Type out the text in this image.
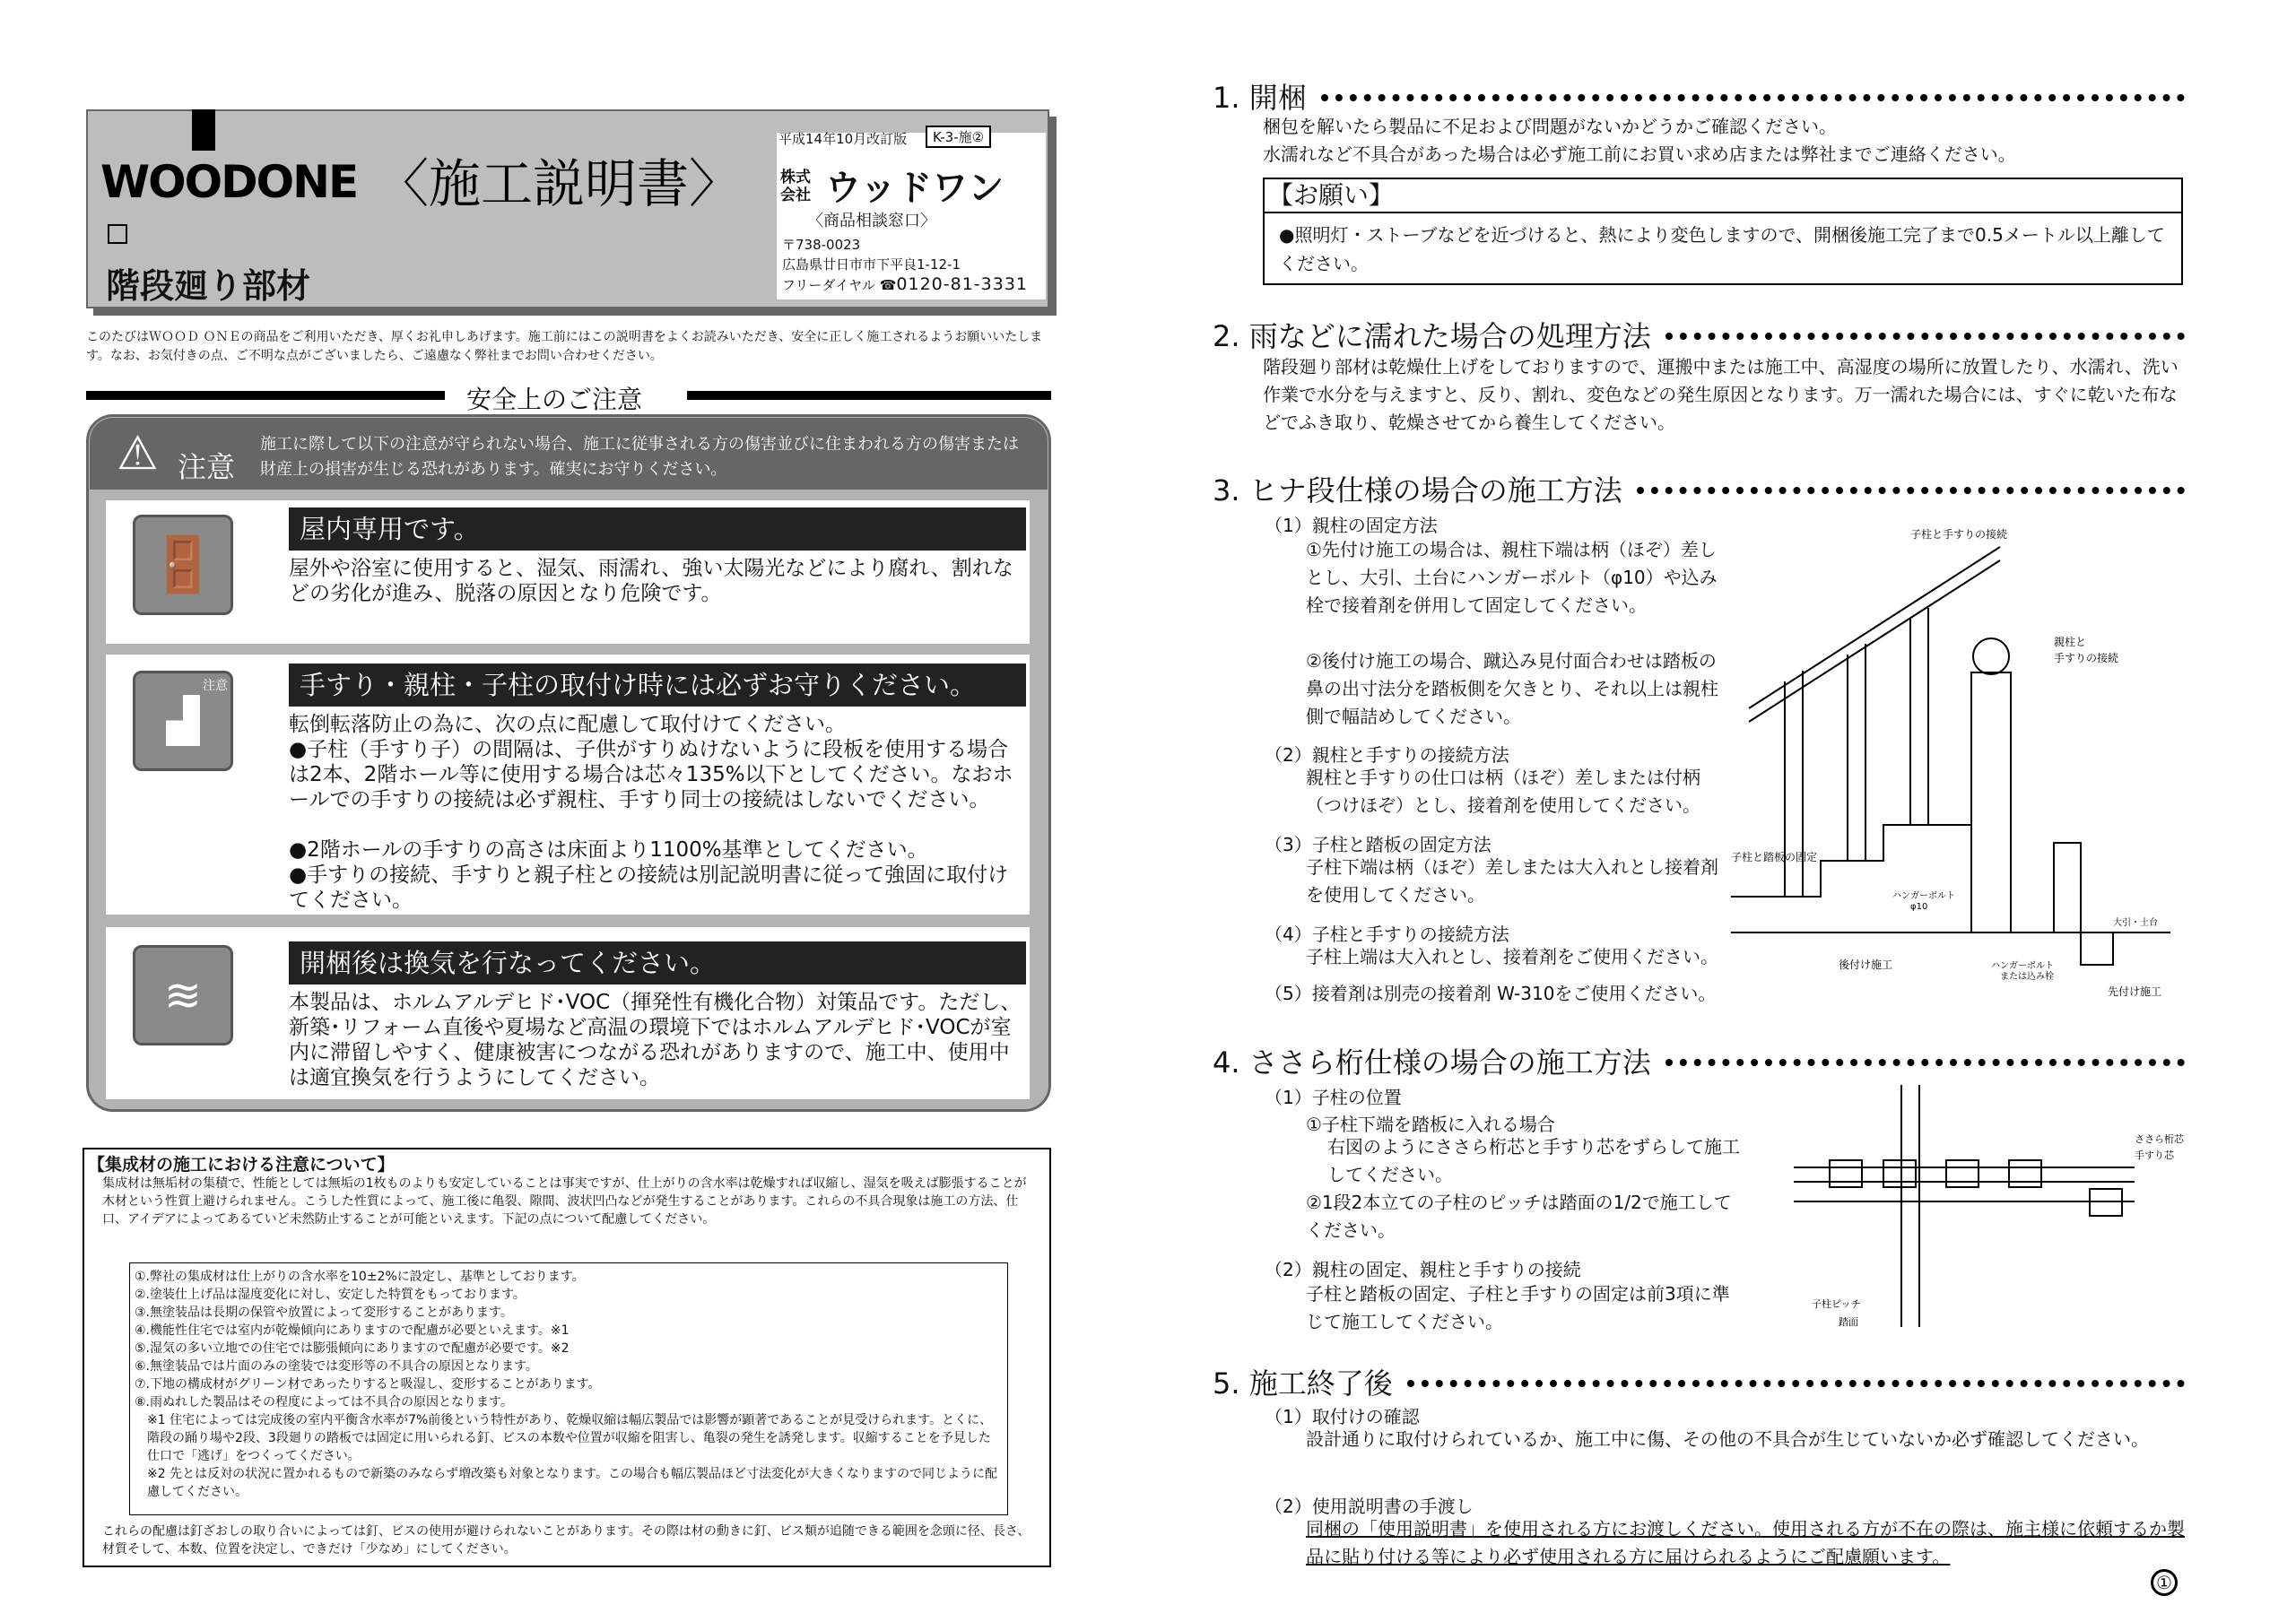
WOODONE 〈施工説明書〉
階段廻り部材
平成14年10月改訂版	K-3-施②
株式
会社 ウッドワン
〈商品相談窓口〉
〒738-0023
広島県廿日市市下平良1-12-1
フリーダイヤル ☎0120-81-3331
このたびはＷＯＯＤ ＯＮＥの商品をご利用いただき、厚くお礼申しあげます。施工前にはこの説明書をよくお読みいただき、安全に正しく施工されるようお願いいたします。なお、お気付きの点、ご不明な点がございましたら、ご遠慮なく弊社までお問い合わせください。
安全上のご注意
⚠ 注意
施工に際して以下の注意が守られない場合、施工に従事される方の傷害並びに住まわれる方の傷害または財産上の損害が生じる恐れがあります。確実にお守りください。
🚪
屋内専用です。
屋外や浴室に使用すると、湿気、雨濡れ、強い太陽光などにより腐れ、割れなどの劣化が進み、脱落の原因となり危険です。
▟
注意	手すり・親柱・子柱の取付け時には必ずお守りください。
転倒転落防止の為に、次の点に配慮して取付けてください。
●子柱（手すり子）の間隔は、子供がすりぬけないように段板を使用する場合は2本、2階ホール等に使用する場合は芯々135%以下としてください。なおホールでの手すりの接続は必ず親柱、手すり同士の接続はしないでください。
●2階ホールの手すりの高さは床面より1100%基準としてください。
●手すりの接続、手すりと親子柱との接続は別記説明書に従って強固に取付けてください。
≋
開梱後は換気を行なってください。
本製品は、ホルムアルデヒド･VOC（揮発性有機化合物）対策品です。ただし、新築･リフォーム直後や夏場など高温の環境下ではホルムアルデヒド･VOCが室内に滞留しやすく、健康被害につながる恐れがありますので、施工中、使用中は適宜換気を行うようにしてください。
【集成材の施工における注意について】
集成材は無垢材の集積で、性能としては無垢の1枚ものよりも安定していることは事実ですが、仕上がりの含水率は乾燥すれば収縮し、湿気を吸えば膨張することが木材という性質上避けられません。こうした性質によって、施工後に亀裂、隙間、波状凹凸などが発生することがあります。これらの不具合現象は施工の方法、仕口、アイデアによってあるていど未然防止することが可能といえます。下記の点について配慮してください。
①.弊社の集成材は仕上がりの含水率を10±2%に設定し、基準としております。
②.塗装仕上げ品は湿度変化に対し、安定した特質をもっております。
③.無塗装品は長期の保管や放置によって変形することがあります。
④.機能性住宅では室内が乾燥傾向にありますので配慮が必要といえます。※1
⑤.湿気の多い立地での住宅では膨張傾向にありますので配慮が必要です。※2
⑥.無塗装品では片面のみの塗装では変形等の不具合の原因となります。
⑦.下地の構成材がグリーン材であったりすると吸湿し、変形することがあります。
⑧.雨ぬれした製品はその程度によっては不具合の原因となります。
※1 住宅によっては完成後の室内平衡含水率が7%前後という特性があり、乾燥収縮は幅広製品では影響が顕著であることが見受けられます。とくに、階段の踊り場や2段、3段廻りの踏板では固定に用いられる釘、ビスの本数や位置が収縮を阻害し、亀裂の発生を誘発します。収縮することを予見した仕口で「逃げ」をつくってください。
※2 先とは反対の状況に置かれるもので新築のみならず増改築も対象となります。この場合も幅広製品ほど寸法変化が大きくなりますので同じように配慮してください。
これらの配慮は釘ざおしの取り合いによっては釘、ビスの使用が避けられないことがあります。その際は材の動きに釘、ビス類が追随できる範囲を念頭に径、長さ、材質そして、本数、位置を決定し、できだけ「少なめ」にしてください。
1. 開梱
梱包を解いたら製品に不足および問題がないかどうかご確認ください。
水濡れなど不具合があった場合は必ず施工前にお買い求め店または弊社までご連絡ください。
【お願い】
●照明灯・ストーブなどを近づけると、熱により変色しますので、開梱後施工完了まで0.5メートル以上離してください。
2. 雨などに濡れた場合の処理方法
階段廻り部材は乾燥仕上げをしておりますので、運搬中または施工中、高湿度の場所に放置したり、水濡れ、洗い作業で水分を与えますと、反り、割れ、変色などの発生原因となります。万一濡れた場合には、すぐに乾いた布などでふき取り、乾燥させてから養生してください。
3. ヒナ段仕様の場合の施工方法
（1）親柱の固定方法
①先付け施工の場合は、親柱下端は柄（ほぞ）差しとし、大引、土台にハンガーボルト（φ10）や込み栓で接着剤を併用して固定してください。
②後付け施工の場合、蹴込み見付面合わせは踏板の鼻の出寸法分を踏板側を欠きとり、それ以上は親柱側で幅詰めしてください。
（2）親柱と手すりの接続方法
親柱と手すりの仕口は柄（ほぞ）差しまたは付柄（つけほぞ）とし、接着剤を使用してください。
（3）子柱と踏板の固定方法
子柱下端は柄（ほぞ）差しまたは大入れとし接着剤を使用してください。
（4）子柱と手すりの接続方法
子柱上端は大入れとし、接着剤をご使用ください。
（5）接着剤は別売の接着剤 W-310をご使用ください。
子柱と手すりの接続
親柱と
手すりの接続
子柱と踏板の固定
ハンガーボルト
φ10
大引・土台
後付け施工	ハンガーボルト
または込み栓
先付け施工
4. ささら桁仕様の場合の施工方法
（1）子柱の位置
①子柱下端を踏板に入れる場合
右図のようにささら桁芯と手すり芯をずらして施工してください。
②1段2本立ての子柱のピッチは踏面の1/2で施工してください。
（2）親柱の固定、親柱と手すりの接続
子柱と踏板の固定、子柱と手すりの固定は前3項に準じて施工してください。
ささら桁芯
手すり芯
子柱ピッチ
踏面
5. 施工終了後
（1）取付けの確認
設計通りに取付けられているか、施工中に傷、その他の不具合が生じていないか必ず確認してください。
（2）使用説明書の手渡し
同梱の「使用説明書」を使用される方にお渡しください。使用される方が不在の際は、施主様に依頼するか製品に貼り付ける等により必ず使用される方に届けられるようにご配慮願います。
①
